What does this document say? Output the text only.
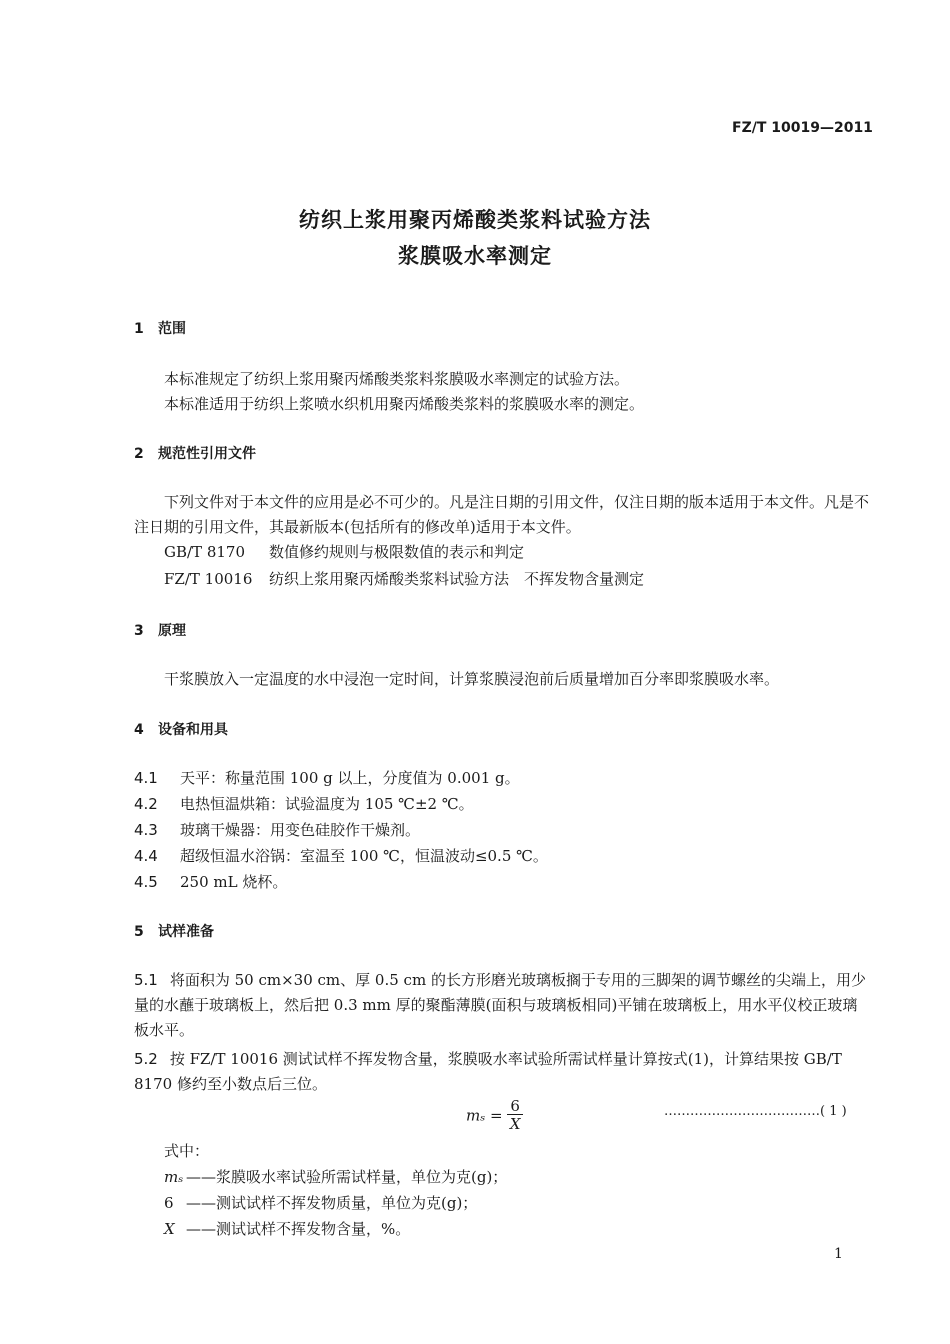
FZ/T 10019—2011
纺织上浆用聚丙烯酸类浆料试验方法
浆膜吸水率测定
1 范围
本标准规定了纺织上浆用聚丙烯酸类浆料浆膜吸水率测定的试验方法。
本标准适用于纺织上浆喷水织机用聚丙烯酸类浆料的浆膜吸水率的测定。
2 规范性引用文件
下列文件对于本文件的应用是必不可少的。凡是注日期的引用文件，仅注日期的版本适用于本文件。凡是不注日期的引用文件，其最新版本(包括所有的修改单)适用于本文件。
GB/T 8170 数值修约规则与极限数值的表示和判定
FZ/T 10016 纺织上浆用聚丙烯酸类浆料试验方法　不挥发物含量测定
3 原理
干浆膜放入一定温度的水中浸泡一定时间，计算浆膜浸泡前后质量增加百分率即浆膜吸水率。
4 设备和用具
4.1 天平：称量范围 100 g 以上，分度值为 0.001 g。
4.2 电热恒温烘箱：试验温度为 105 ℃±2 ℃。
4.3 玻璃干燥器：用变色硅胶作干燥剂。
4.4 超级恒温水浴锅：室温至 100 ℃，恒温波动≤0.5 ℃。
4.5 250 mL 烧杯。
5 试样准备
5.1 将面积为 50 cm×30 cm、厚 0.5 cm 的长方形磨光玻璃板搁于专用的三脚架的调节螺丝的尖端上，用少量的水蘸于玻璃板上，然后把 0.3 mm 厚的聚酯薄膜(面积与玻璃板相同)平铺在玻璃板上，用水平仪校正玻璃板水平。
5.2 按 FZ/T 10016 测试试样不挥发物含量，浆膜吸水率试验所需试样量计算按式(1)，计算结果按 GB/T 8170 修约至小数点后三位。
$m_s = \frac{6}{X}$	………………………………( 1 )
式中：
mₛ ——浆膜吸水率试验所需试样量，单位为克(g)；
6 ——测试试样不挥发物质量，单位为克(g)；
X ——测试试样不挥发物含量，%。
1
